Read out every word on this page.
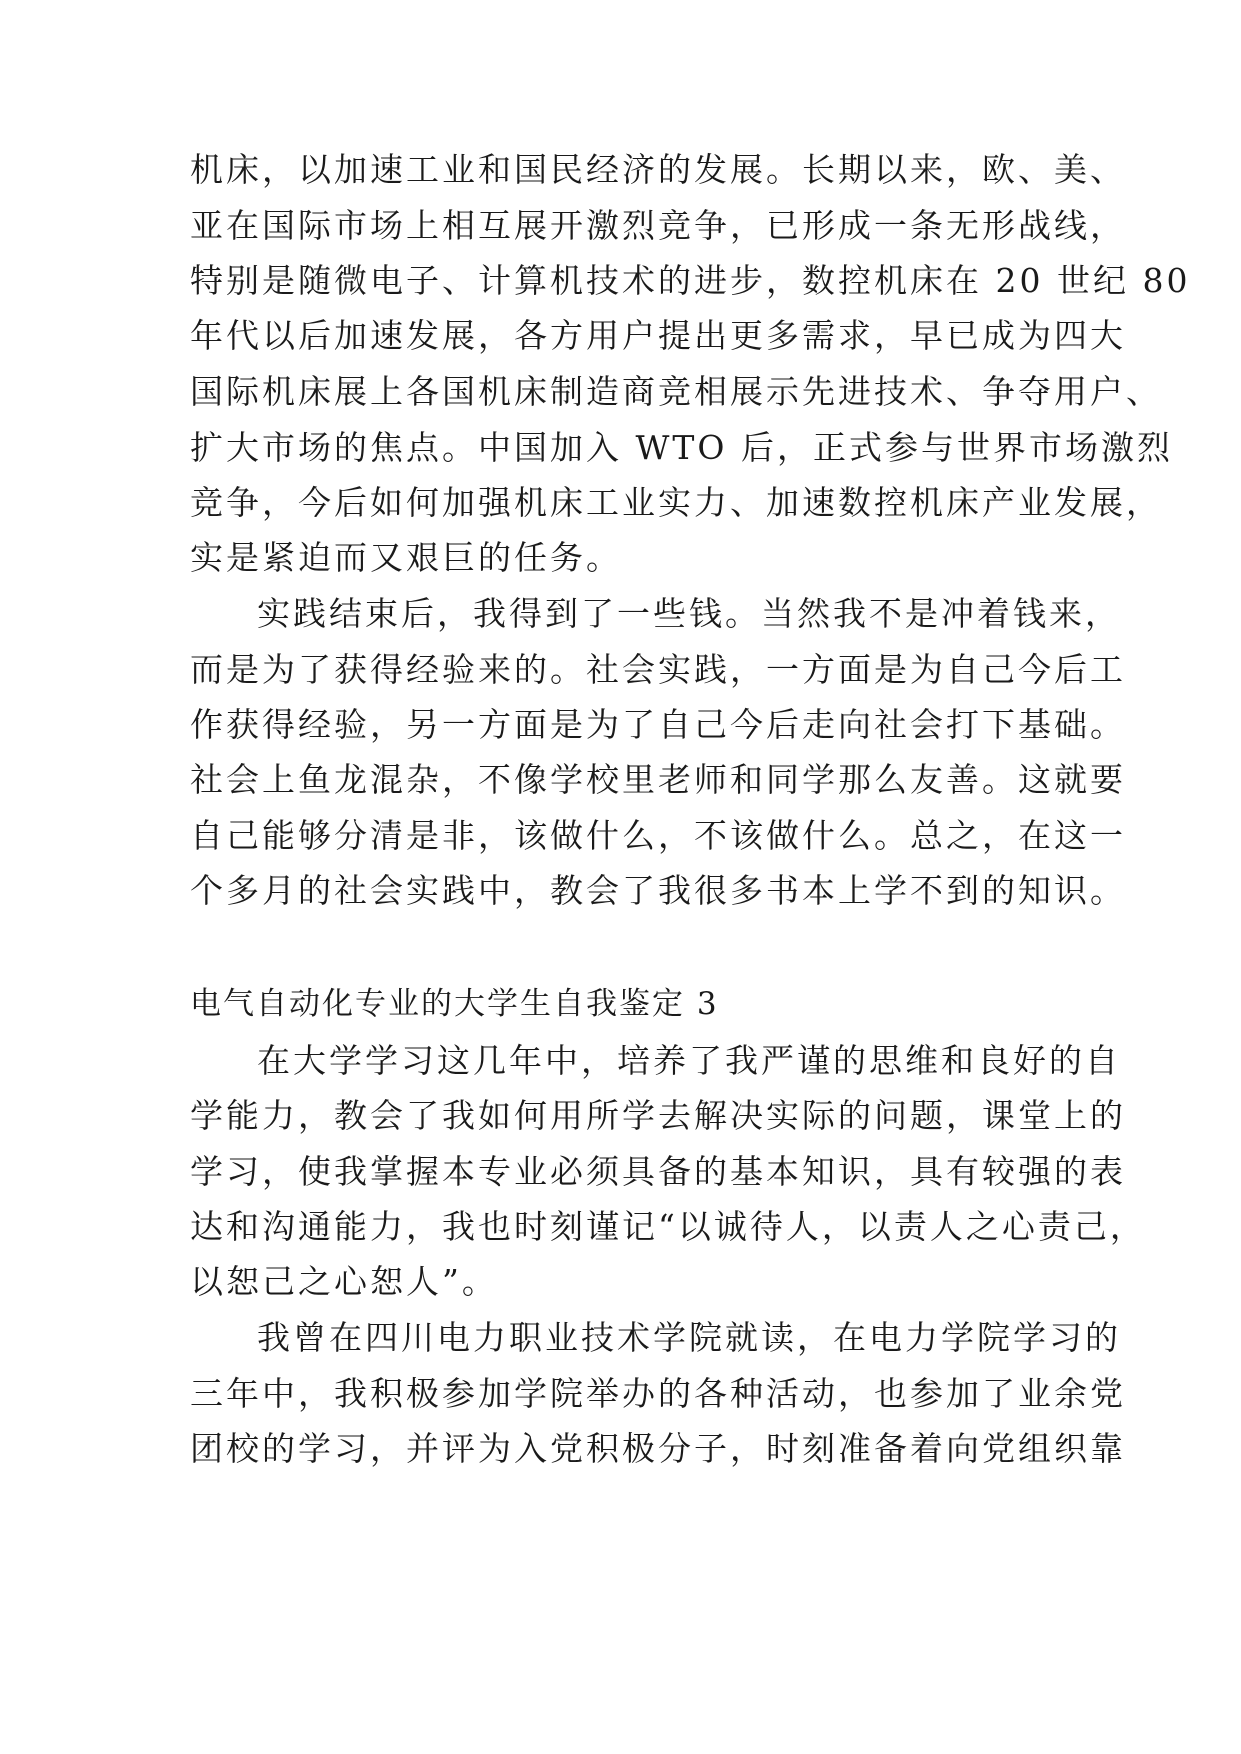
机床，以加速工业和国民经济的发展。长期以来，欧、美、
亚在国际市场上相互展开激烈竞争，已形成一条无形战线，
特别是随微电子、计算机技术的进步，数控机床在 20 世纪 80
年代以后加速发展，各方用户提出更多需求，早已成为四大
国际机床展上各国机床制造商竞相展示先进技术、争夺用户、
扩大市场的焦点。中国加入 WTO 后，正式参与世界市场激烈
竞争，今后如何加强机床工业实力、加速数控机床产业发展，
实是紧迫而又艰巨的任务。
实践结束后，我得到了一些钱。当然我不是冲着钱来，
而是为了获得经验来的。社会实践，一方面是为自己今后工
作获得经验，另一方面是为了自己今后走向社会打下基础。
社会上鱼龙混杂，不像学校里老师和同学那么友善。这就要
自己能够分清是非，该做什么，不该做什么。总之，在这一
个多月的社会实践中，教会了我很多书本上学不到的知识。
电气自动化专业的大学生自我鉴定 3
在大学学习这几年中，培养了我严谨的思维和良好的自
学能力，教会了我如何用所学去解决实际的问题，课堂上的
学习，使我掌握本专业必须具备的基本知识，具有较强的表
达和沟通能力，我也时刻谨记“以诚待人，以责人之心责己，
以恕己之心恕人”。
我曾在四川电力职业技术学院就读，在电力学院学习的
三年中，我积极参加学院举办的各种活动，也参加了业余党
团校的学习，并评为入党积极分子，时刻准备着向党组织靠
